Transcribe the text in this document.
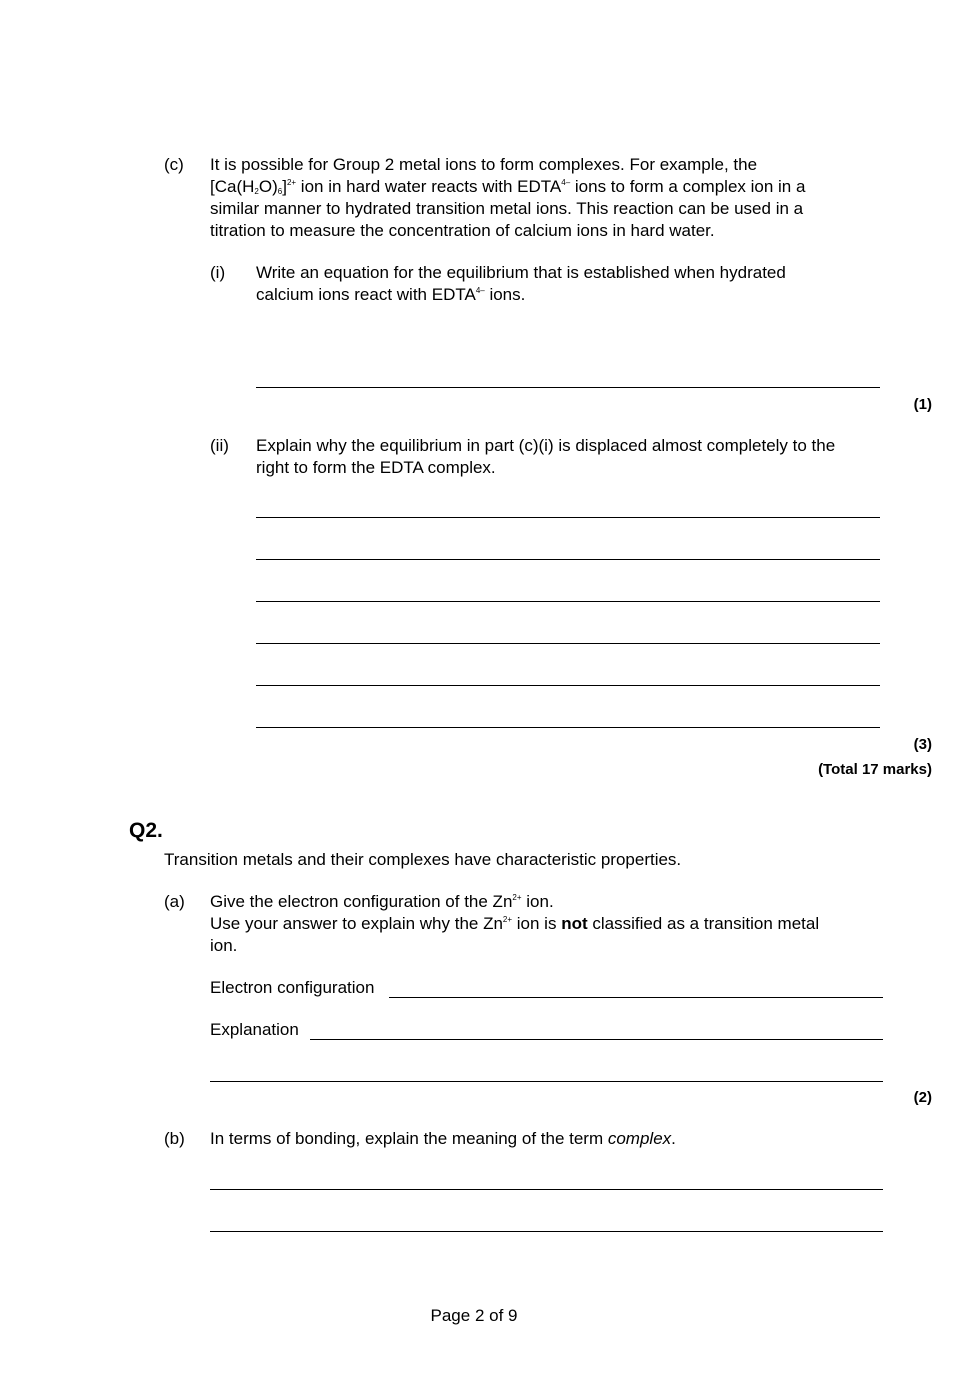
(c) It is possible for Group 2 metal ions to form complexes. For example, the
$[Ca(H_2O)_6]^{2+}$ ion in hard water reacts with $EDTA^{4-}$ ions to form a complex ion in a
similar manner to hydrated transition metal ions. This reaction can be used in a
titration to measure the concentration of calcium ions in hard water.
(i) Write an equation for the equilibrium that is established when hydrated
calcium ions react with $EDTA^{4-}$ ions.
(1)
(ii) Explain why the equilibrium in part (c)(i) is displaced almost completely to the
right to form the EDTA complex.
(3)
(Total 17 marks)
Q2.
Transition metals and their complexes have characteristic properties.
(a) Give the electron configuration of the $Zn^{2+}$ ion.
Use your answer to explain why the $Zn^{2+}$ ion is not classified as a transition metal
ion.
Electron configuration
Explanation
(2)
(b) In terms of bonding, explain the meaning of the term complex.
Page 2 of 9
